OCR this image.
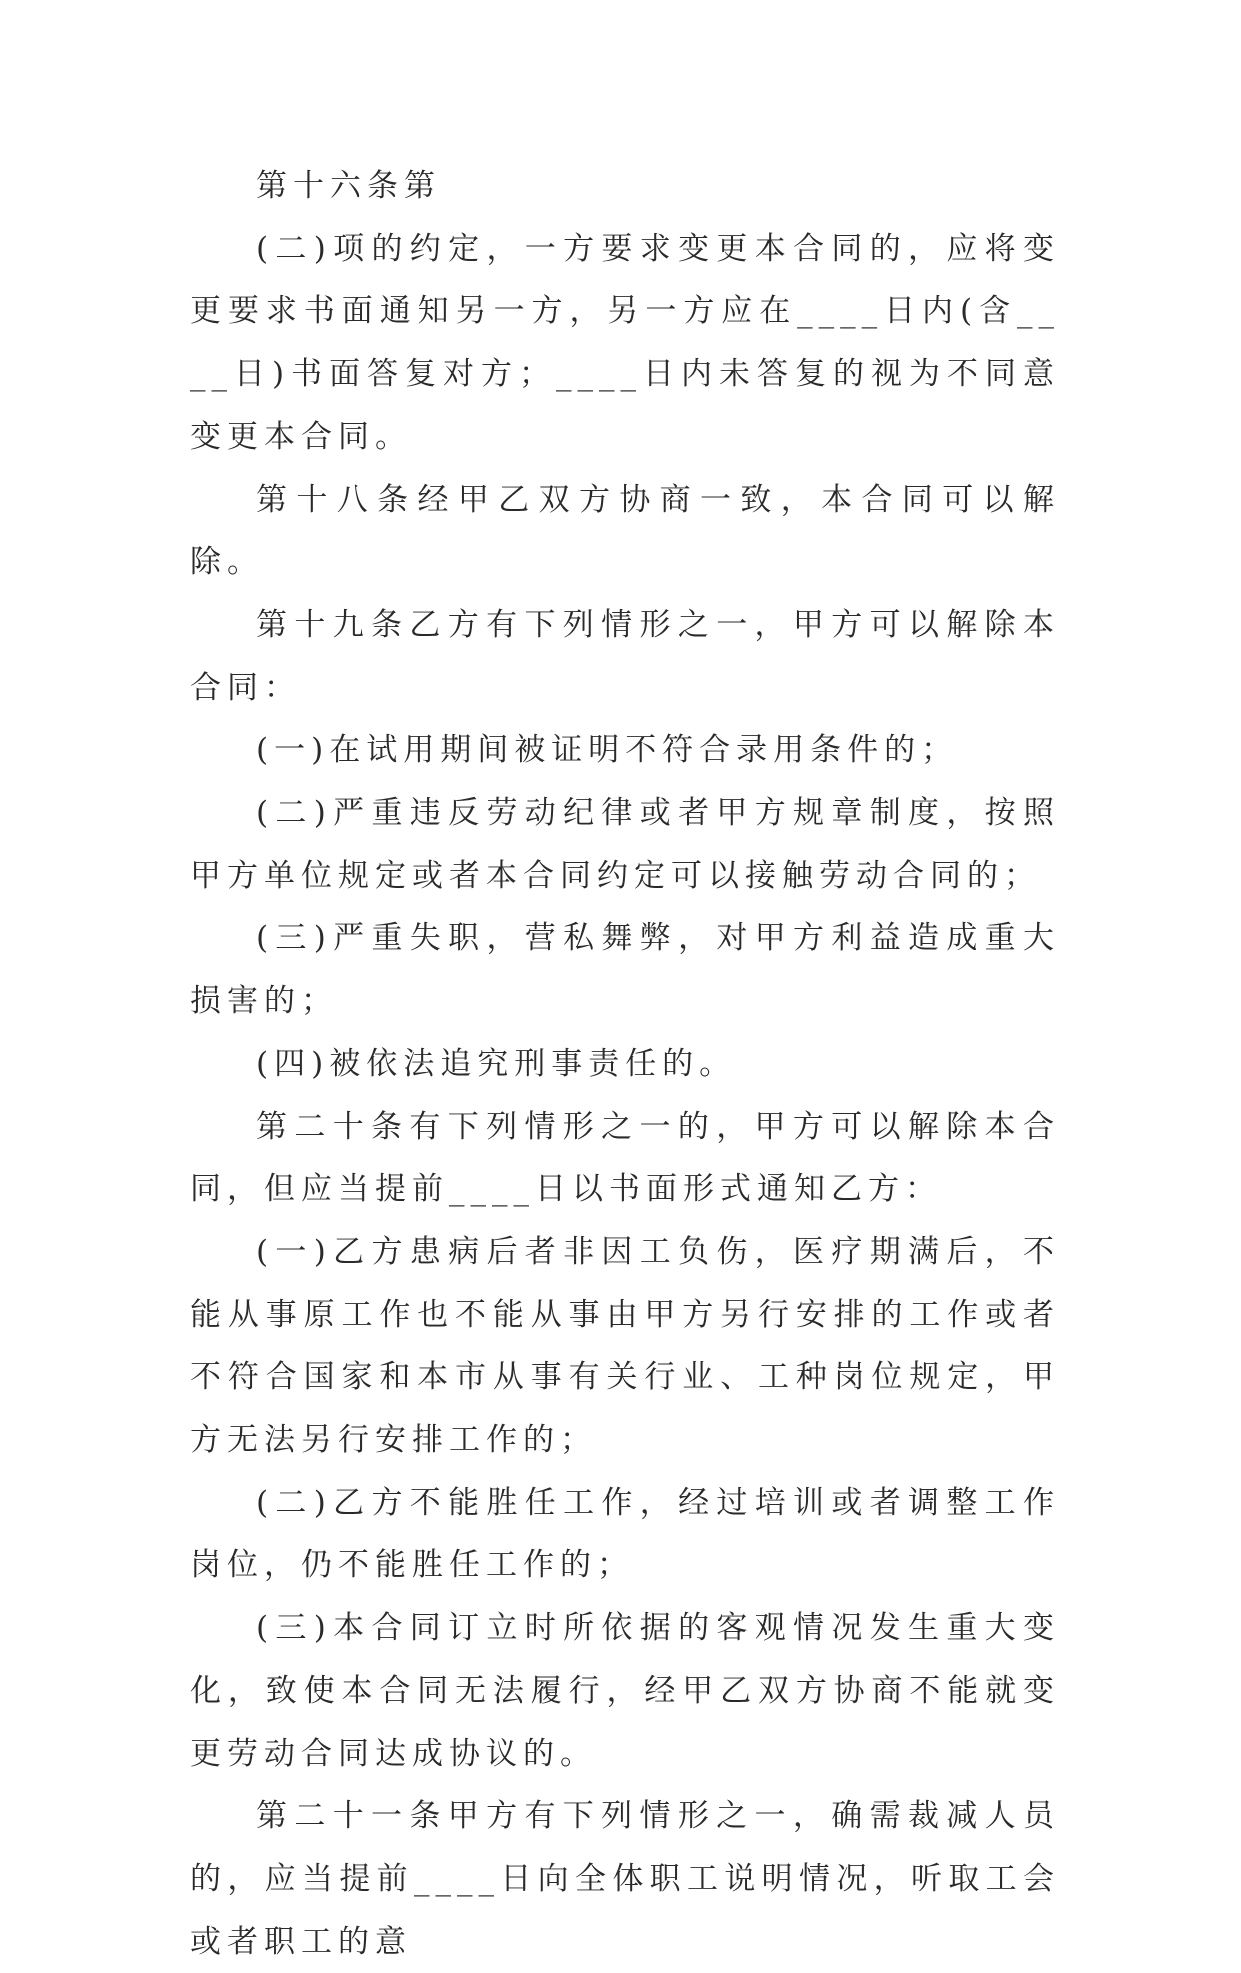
第十六条第

(二)项的约定，一方要求变更本合同的，应将变更要求书面通知另一方，另一方应在____日内(含____日)书面答复对方；____日内未答复的视为不同意变更本合同。

第十八条经甲乙双方协商一致，本合同可以解除。

第十九条乙方有下列情形之一，甲方可以解除本合同：

(一)在试用期间被证明不符合录用条件的；

(二)严重违反劳动纪律或者甲方规章制度，按照甲方单位规定或者本合同约定可以接触劳动合同的；

(三)严重失职，营私舞弊，对甲方利益造成重大损害的；

(四)被依法追究刑事责任的。

第二十条有下列情形之一的，甲方可以解除本合同，但应当提前____日以书面形式通知乙方：

(一)乙方患病后者非因工负伤，医疗期满后，不能从事原工作也不能从事由甲方另行安排的工作或者不符合国家和本市从事有关行业、工种岗位规定，甲方无法另行安排工作的；

(二)乙方不能胜任工作，经过培训或者调整工作岗位，仍不能胜任工作的；

(三)本合同订立时所依据的客观情况发生重大变化，致使本合同无法履行，经甲乙双方协商不能就变更劳动合同达成协议的。

第二十一条甲方有下列情形之一，确需裁减人员的，应当提前____日向全体职工说明情况，听取工会或者职工的意
